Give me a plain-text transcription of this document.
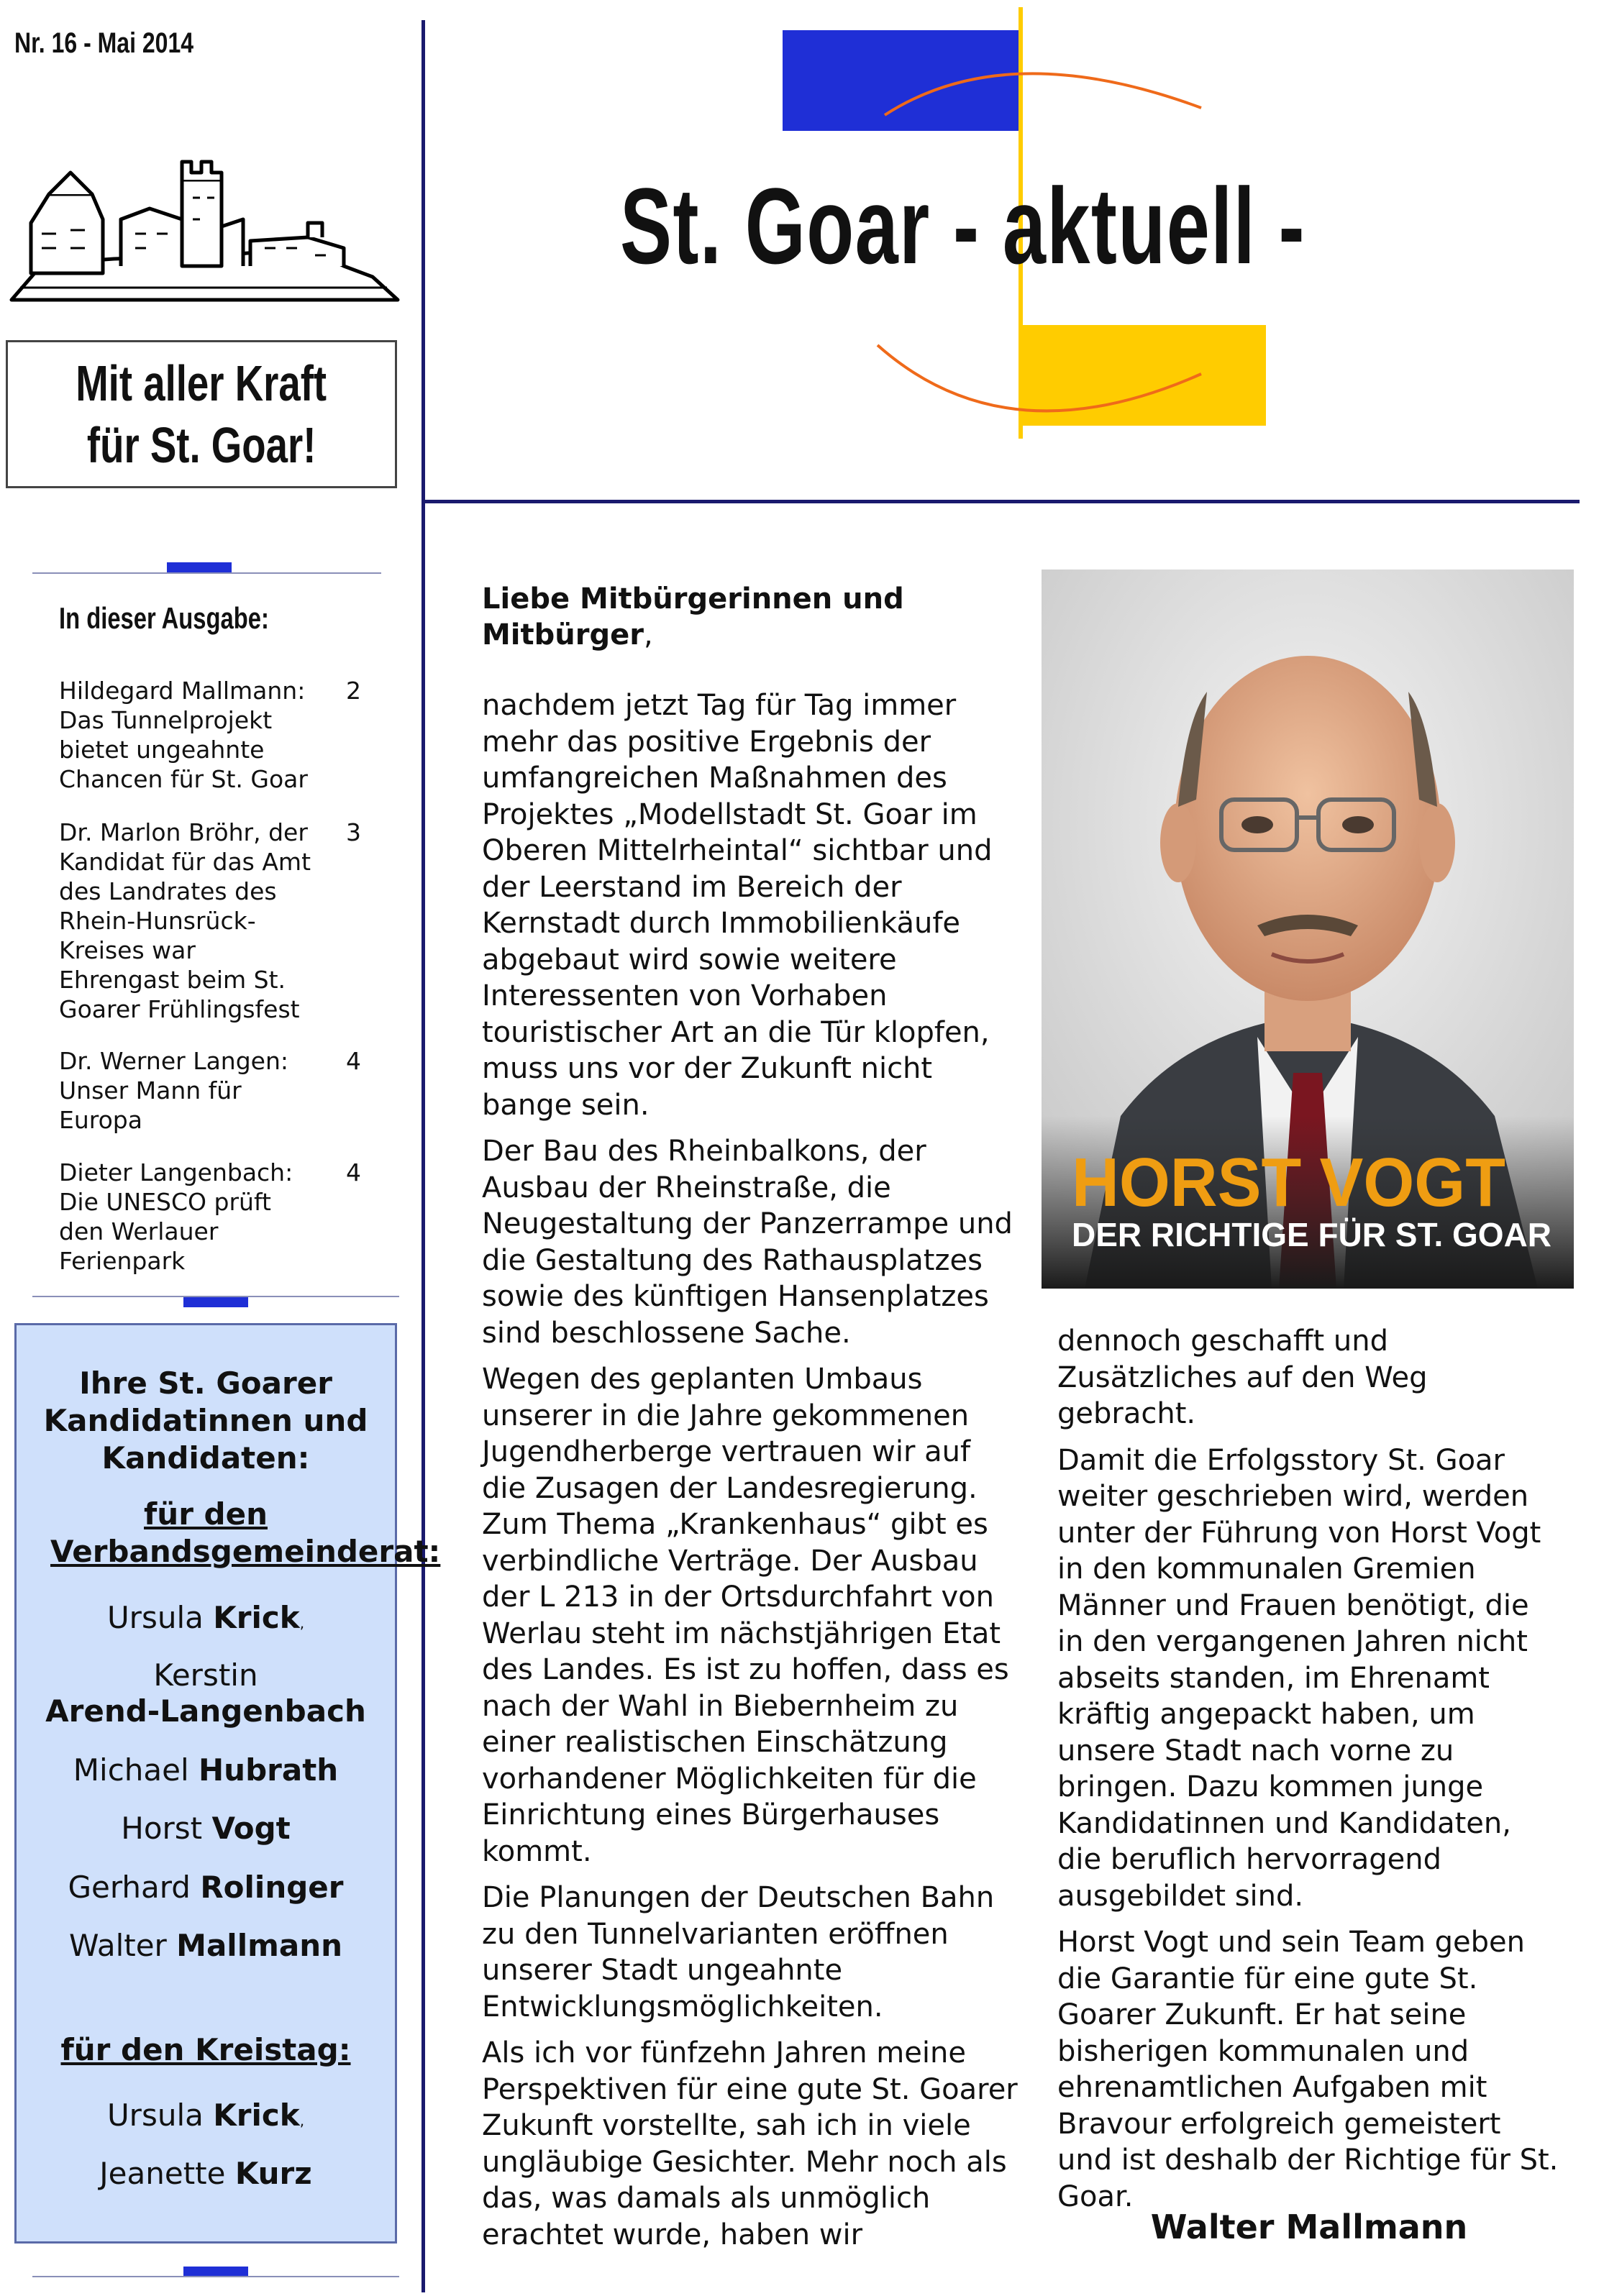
Nr. 16 - Mai 2014
St. Goar - aktuell -
Mit aller Kraft
für St. Goar!
In dieser Ausgabe:
Hildegard Mallmann: Das Tunnelprojekt bietet ungeahnte Chancen für St. Goar
2
Dr. Marlon Bröhr, der Kandidat für das Amt des Landrates des Rhein-Hunsrück-Kreises war Ehrengast beim St. Goarer Frühlingsfest
3
Dr. Werner Langen: Unser Mann für Europa
4
Dieter Langenbach: Die UNESCO prüft den Werlauer Ferienpark
4
Ihre St. Goarer Kandidatinnen und Kandidaten:
für den Verbandsgemeinderat:
Ursula Krick,
Kerstin
Arend-Langenbach
Michael Hubrath
Horst Vogt
Gerhard Rolinger
Walter Mallmann
für den Kreistag:
Ursula Krick,
Jeanette Kurz
Liebe Mitbürgerinnen und Mitbürger,

nachdem jetzt Tag für Tag immer mehr das positive Ergebnis der umfangreichen Maßnahmen des Projektes „Modellstadt St. Goar im Oberen Mittelrheintal“ sichtbar und der Leerstand im Bereich der Kernstadt durch Immobilienkäufe abgebaut wird sowie weitere Interessenten von Vorhaben touristischer Art an die Tür klopfen, muss uns vor der Zukunft nicht bange sein.

Der Bau des Rheinbalkons, der Ausbau der Rheinstraße, die Neugestaltung der Panzerrampe und die Gestaltung des Rathausplatzes sowie des künftigen Hansenplatzes sind beschlossene Sache.

Wegen des geplanten Umbaus unserer in die Jahre gekommenen Jugendherberge vertrauen wir auf die Zusagen der Landesregierung. Zum Thema „Krankenhaus“ gibt es verbindliche Verträge. Der Ausbau der L 213 in der Ortsdurchfahrt von Werlau steht im nächstjährigen Etat des Landes. Es ist zu hoffen, dass es nach der Wahl in Biebernheim zu einer realistischen Einschätzung vorhandener Möglichkeiten für die Einrichtung eines Bürgerhauses kommt.

Die Planungen der Deutschen Bahn zu den Tunnelvarianten eröffnen unserer Stadt ungeahnte Entwicklungsmöglichkeiten.

Als ich vor fünfzehn Jahren meine Perspektiven für eine gute St. Goarer Zukunft vorstellte, sah ich in viele ungläubige Gesichter. Mehr noch als das, was damals als unmöglich erachtet wurde, haben wir

dennoch geschafft und Zusätzliches auf den Weg gebracht.

Damit die Erfolgsstory St. Goar weiter geschrieben wird, werden unter der Führung von Horst Vogt in den kommunalen Gremien Männer und Frauen benötigt, die in den vergangenen Jahren nicht abseits standen, im Ehrenamt kräftig angepackt haben, um unsere Stadt nach vorne zu bringen. Dazu kommen junge Kandidatinnen und Kandidaten, die beruflich hervorragend ausgebildet sind.

Horst Vogt und sein Team geben die Garantie für eine gute St. Goarer Zukunft. Er hat seine bisherigen kommunalen und ehrenamtlichen Aufgaben mit Bravour erfolgreich gemeistert und ist deshalb der Richtige für St. Goar.

Walter Mallmann
HORST VOGT
DER RICHTIGE FÜR ST. GOAR
